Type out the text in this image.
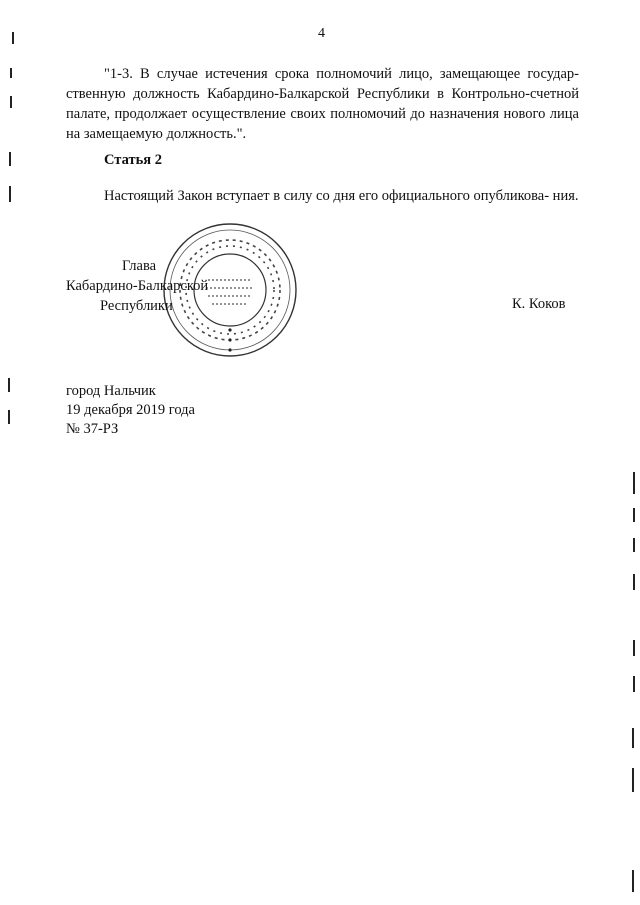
4

"1-3. В случае истечения срока полномочий лицо, замещающее государ- ственную должность Кабардино-Балкарской Республики в Контрольно-счетной палате, продолжает осуществление своих полномочий до назначения нового лица на замещаемую должность.".

Статья 2

Настоящий Закон вступает в силу со дня его официального опубликова- ния.

Глава
Кабардино-Балкарской
Республики	К. Коков
город Нальчик
19 декабря 2019 года
№ 37-РЗ
